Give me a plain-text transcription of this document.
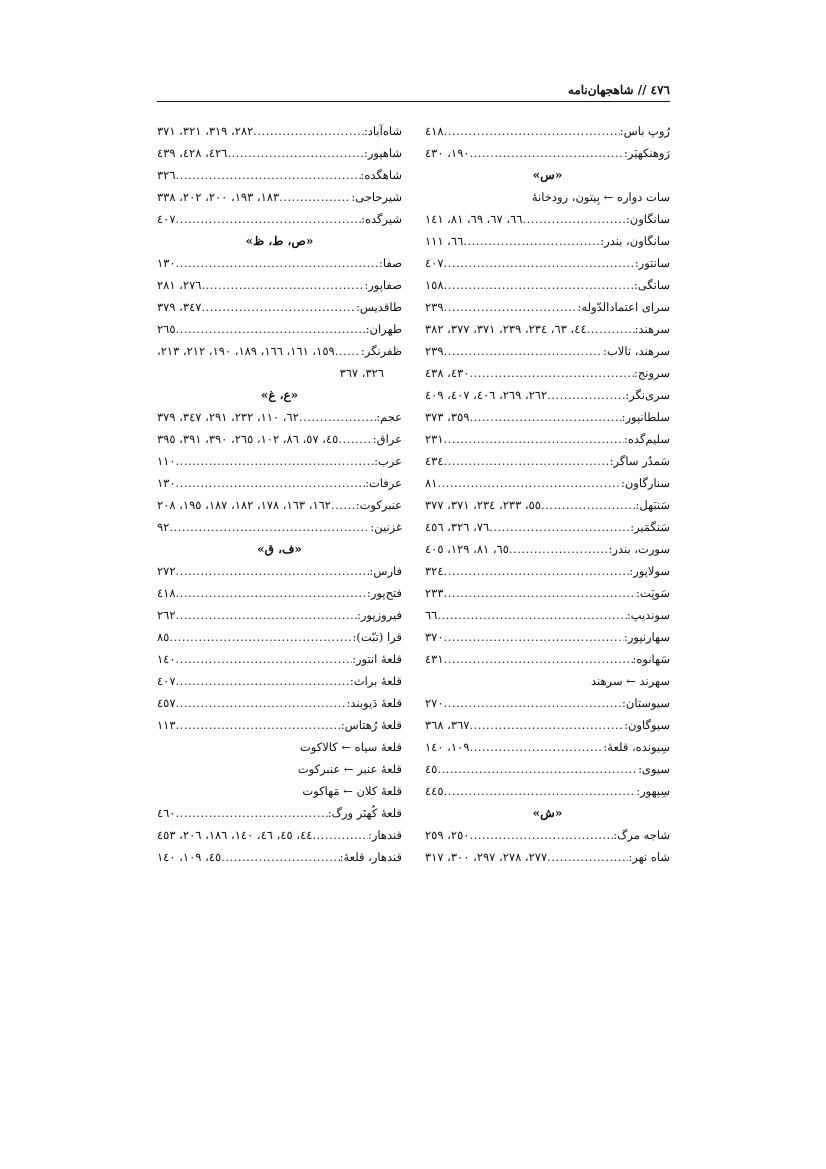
٤٧٦ // شاهجهان‌نامه
رُوپ باس:
.....
٤١٨
رَوهنکهیَر:
.....
١٩٠، ٤٣٠
«س»
سات دواره ← بِیتون، رودخانهٔ
سانگاون:
.....
٦٦، ٦٧، ٦٩، ٨١، ١٤١
سانگاون، بندر:
.....
٦٦، ١١١
سانتور:
.....
٤٠٧
سانگی:
.....
١٥٨
سرای اعتمادالدّوله:
.....
٢٣٩
سرهند:
.....
٤٤، ٦٣، ٢٣٤، ٢٣٩، ٣٧١، ٣٧٧، ٣٨٢
سرهند، تالاب:
.....
٢٣٩
سرونج:
.....
٤٣٠، ٤٣٨
سری‌نگر:
.....
٢٦٢، ٢٦٩، ٤٠٦، ٤٠٧، ٤٠٩
سلطانپور:
.....
٣٥٩، ٣٧٣
سلیم‌گده:
.....
٢٣١
سَمدُر ساگر:
.....
٤٣٤
سنارگاون:
.....
٨١
سَنبَهل:
.....
٥٥، ٢٣٣، ٢٣٤، ٣٧١، ٣٧٧
سَنگمَیر:
.....
٧٦، ٣٢٦، ٤٥٦
سورت، بندر:
.....
٦٥، ٨١، ١٢٩، ٤٠٥
سولاپور:
.....
٣٢٤
سَوپَت:
.....
٢٣٣
سوندیپ:
.....
٦٦
سهارنپور:
.....
٣٧٠
سَهانوه:
.....
٤٣١
سهرند ← سرهند
سیوستان:
.....
٢٧٠
سیوگاون:
.....
٣٦٧، ٣٦٨
سِیونده، قلعهٔ:
.....
١٠٩، ١٤٠
سیوی:
.....
٤٥
سِپهور:
.....
٤٤٥
«ش»
شاجه مرگ:
.....
٢٥٠، ٢٥٩
شاه نهر:
.....
٢٧٧، ٢٧٨، ٢٩٧، ٣٠٠، ٣١٧
شاه‌آباد:
.....
٢٨٢، ٣١٩، ٣٢١، ٣٧١
شاهپور:
.....
٤٢٦، ٤٢٨، ٤٣٩
شاهگده:
.....
٣٢٦
شیرحاجی:
.....
١٨٣، ١٩٣، ٢٠٠، ٢٠٢، ٣٣٨
شیرگده:
.....
٤٠٧
«ص، ط، ظ»
صفا:
.....
١٣٠
صفاپور:
.....
٢٧٦، ٢٨١
طاقدیس:
.....
٣٤٧، ٣٧٩
طهران:
.....
٢٦٥
ظفرنگر:
.....
١٥٩، ١٦١، ١٦٦، ١٨٩، ١٩٠، ٢١٢، ٢١٣،
٣٢٦، ٣٦٧
«ع، غ»
عجم:
.....
٦٢، ١١٠، ٢٣٢، ٢٩١، ٣٤٧، ٣٧٩
عراق:
.....
٤٥، ٥٧، ٨٦، ١٠٢، ٢٦٥، ٣٩٠، ٣٩١، ٣٩٥
عرب:
.....
١١٠
عرفات:
.....
١٣٠
عنبرکوت:
.....
١٦٢، ١٦٣، ١٧٨، ١٨٢، ١٨٧، ١٩٥، ٢٠٨
غزنین:
.....
٩٢
«ف، ق»
فارس:
.....
٢٧٢
فتح‌پور:
.....
٤١٨
فیروزپور:
.....
٢٦٢
قرا (تبّت):
.....
٨٥
قلعهٔ انتور:
.....
١٤٠
قلعهٔ براث:
.....
٤٠٧
قلعهٔ دَیوبند:
.....
٤٥٧
قلعهٔ رُهتاس:
.....
١١٣
قلعهٔ سیاه ← کالاکوت
قلعهٔ عنبر ← عنبرکوت
قلعهٔ کلان ← مَهاکوت
قلعهٔ کُهنَر ورگ:
.....
٤٦٠
قندهار:
.....
٤٤، ٤٥، ٤٦، ١٤٠، ١٨٦، ٢٠٦، ٤٥٣
قندهار، قلعهٔ:
.....
٤٥، ١٠٩، ١٤٠
